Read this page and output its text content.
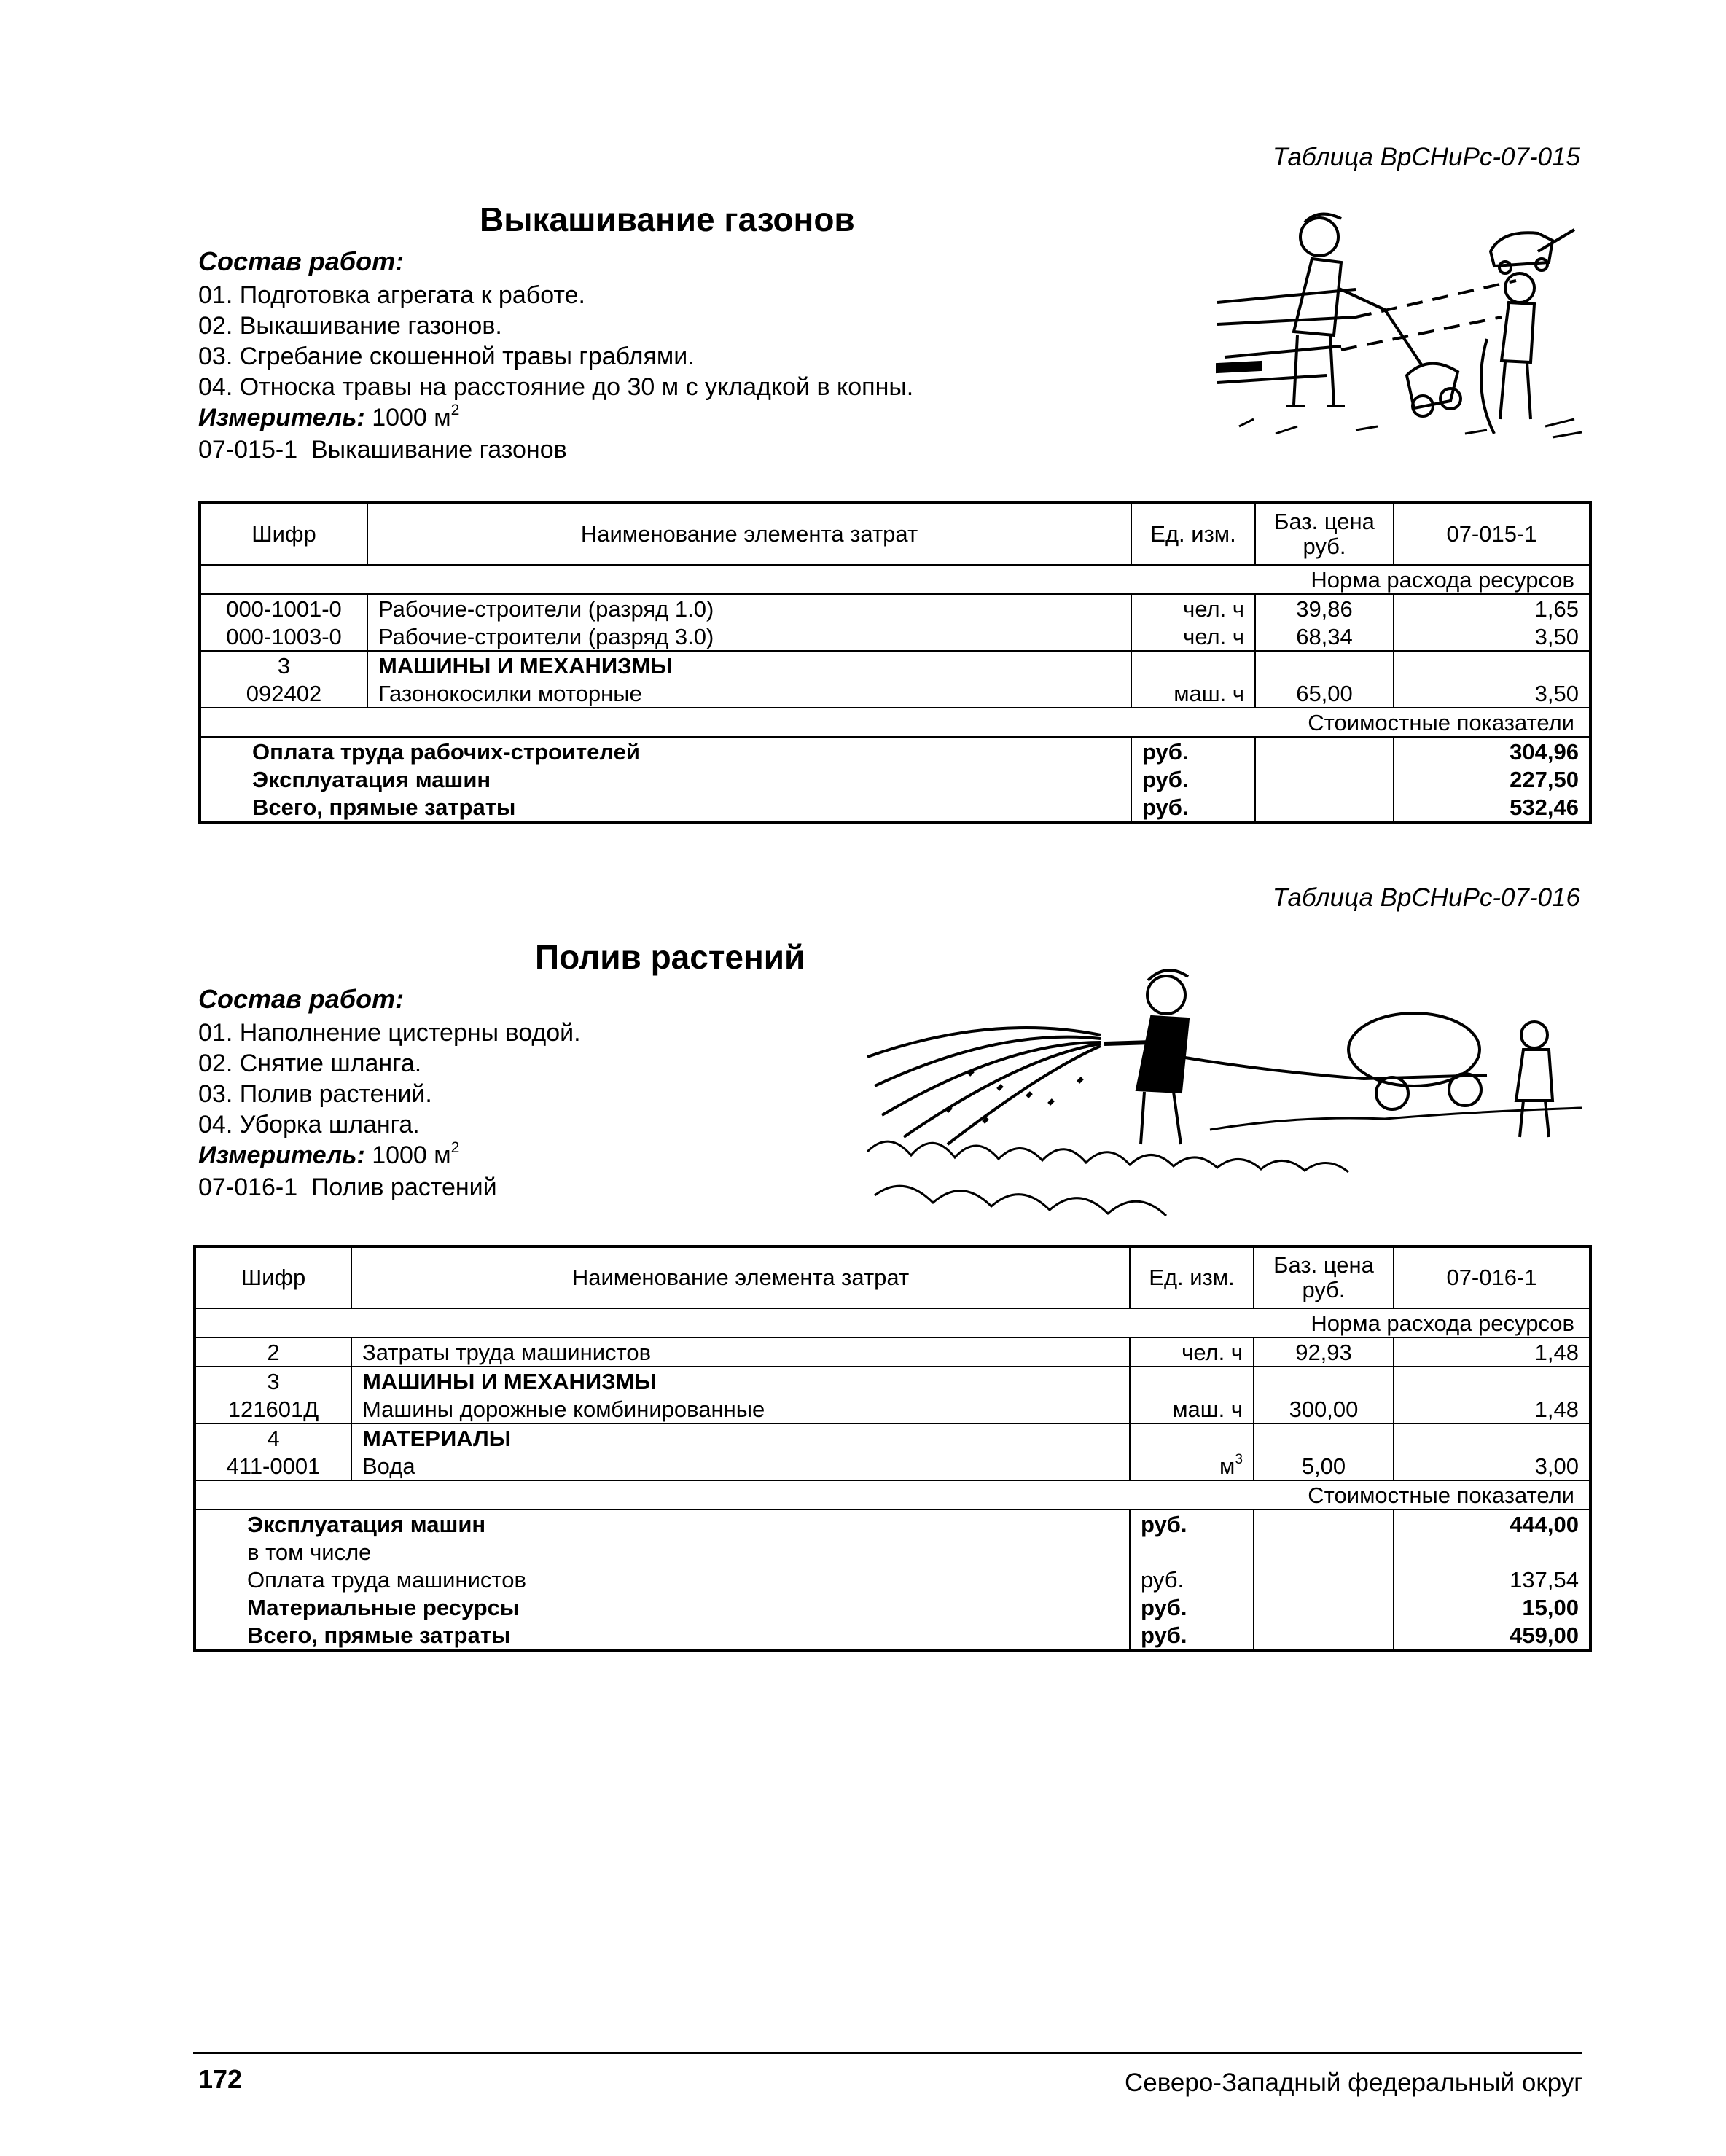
Таблица ВрСНиРс-07-015
Выкашивание газонов
Состав работ:
01. Подготовка агрегата к работе.
02. Выкашивание газонов.
03. Сгребание скошенной травы граблями.
04. Относка травы на расстояние до 30 м с укладкой в копны.
Измеритель: 1000 $м^2$
07-015-1  Выкашивание газонов
Шифр	Наименование элемента затрат	Ед. изм.	Баз. цена руб.	07-015-1
Норма расхода ресурсов				
000-1001-0	Рабочие-строители (разряд 1.0)	чел. ч	39,86	1,65
000-1003-0	Рабочие-строители (разряд 3.0)	чел. ч	68,34	3,50
3	МАШИНЫ И МЕХАНИЗМЫ			
092402	Газонокосилки моторные	маш. ч	65,00	3,50
Стоимостные показатели				
Оплата труда рабочих-строителей		руб.		304,96
Эксплуатация машин		руб.		227,50
Всего, прямые затраты		руб.		532,46
Таблица ВрСНиРс-07-016
Полив растений
Состав работ:
01. Наполнение цистерны водой.
02. Снятие шланга.
03. Полив растений.
04. Уборка шланга.
Измеритель: 1000 $м^2$
07-016-1  Полив растений
Шифр	Наименование элемента затрат	Ед. изм.	Баз. цена руб.	07-016-1
Норма расхода ресурсов				
2	Затраты труда машинистов	чел. ч	92,93	1,48
3	МАШИНЫ И МЕХАНИЗМЫ			
121601Д	Машины дорожные комбинированные	маш. ч	300,00	1,48
4	МАТЕРИАЛЫ			
411-0001	Вода	$м^3$	5,00	3,00
Стоимостные показатели				
Эксплуатация машин		руб.		444,00
в том числе				
Оплата труда машинистов		руб.		137,54
Материальные ресурсы		руб.		15,00
Всего, прямые затраты		руб.		459,00
172	Северо-Западный федеральный округ
